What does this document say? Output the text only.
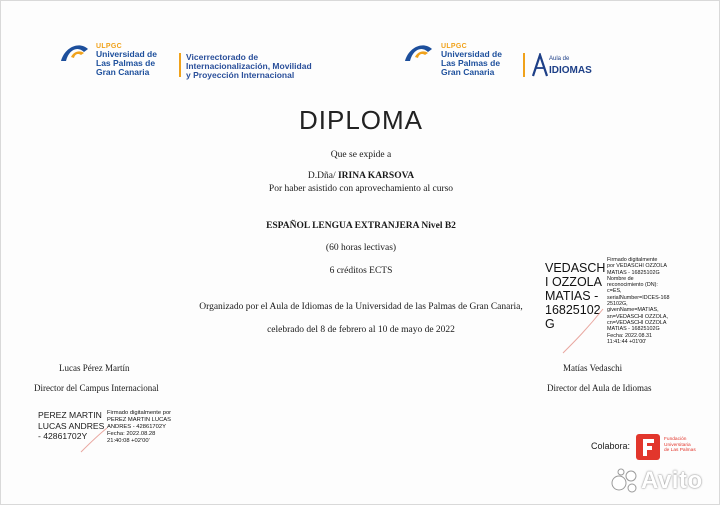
ULPGC
Universidad de
Las Palmas de
Gran Canaria
Vicerrectorado de
Internacionalización, Movilidad
y Proyección Internacional
ULPGC
Universidad de
Las Palmas de
Gran Canaria
Aula de
IDIOMAS
DIPLOMA
Que se expide a
D.Dña/ IRINA KARSOVA
Por haber asistido con aprovechamiento al curso
ESPAÑOL LENGUA EXTRANJERA Nivel B2
(60 horas lectivas)
6 créditos ECTS
Organizado por el Aula de Idiomas de la Universidad de las Palmas de Gran Canaria,
celebrado del 8 de febrero al 10 de mayo de 2022
VEDASCH
I OZZOLA
MATIAS -
16825102
G
Firmado digitalmente
por VEDASCHI OZZOLA
MATIAS - 16825102G
Nombre de
reconocimiento (DN):
c=ES,
serialNumber=IDCES-168
25102G,
givenName=MATIAS,
sn=VEDASCHI OZZOLA,
cn=VEDASCHI OZZOLA
MATIAS - 16825102G
Fecha: 2022.08.31
11:41:44 +01'00'
Lucas Pérez Martín
Director del Campus Internacional
Matías Vedaschi
Director del Aula de Idiomas
PEREZ MARTIN
LUCAS ANDRES
- 42861702Y
Firmado digitalmente por
PEREZ MARTIN LUCAS
ANDRES - 42861702Y
Fecha: 2022.08.28
21:40:08 +02'00'	Colabora:
Fundación
Universitaria
de Las Palmas
Avito
